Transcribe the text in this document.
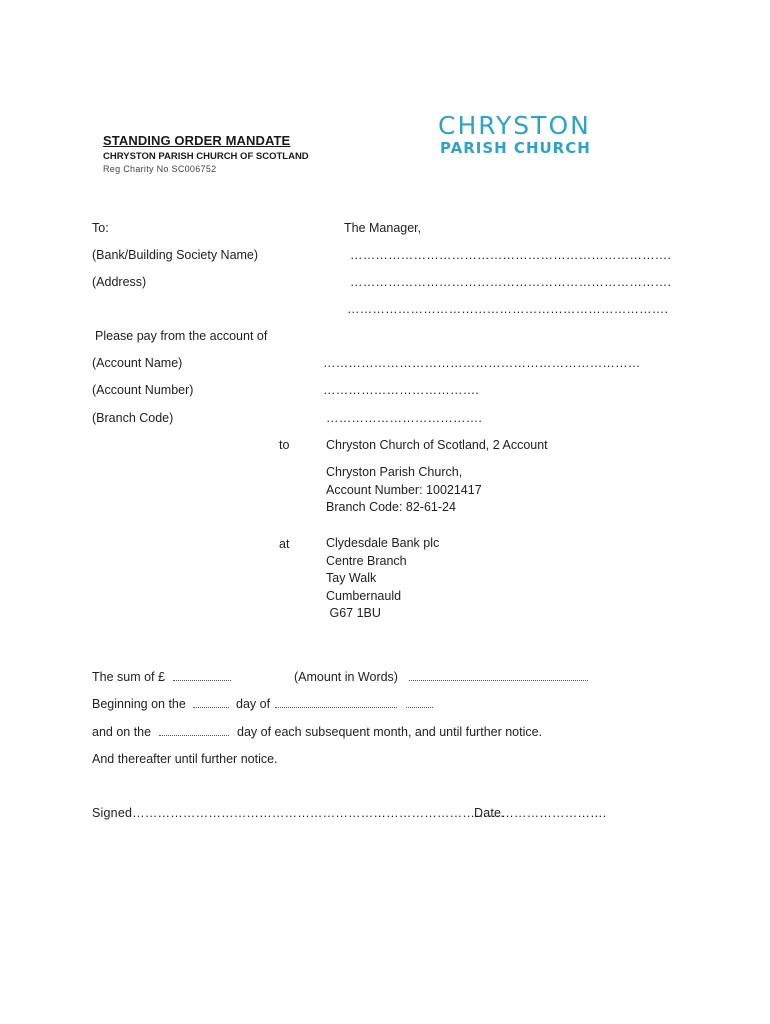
STANDING ORDER MANDATE
CHRYSTON PARISH CHURCH OF SCOTLAND
Reg Charity No SC006752
CHRYSTON
PARISH CHURCH
To:	The Manager,
(Bank/Building Society Name)	………………………………………………………………….
(Address)	………………………………………………………………….
………………………………………………………………….
Please pay from the account of
(Account Name)	…………………………………………………………………
(Account Number)	……………………………….
(Branch Code)	……………………………….
to	Chryston Church of Scotland, 2 Account
Chryston Parish Church,
Account Number: 10021417
Branch Code: 82-61-24
at	Clydesdale Bank plc
Centre Branch
Tay Walk
Cumbernauld
G67 1BU
The sum of £	(Amount in Words)
Beginning on the	day of
and on the	day of each subsequent month, and until further notice.
And thereafter until further notice.
Signed…………………………………………………………………………….
Date…………………….
